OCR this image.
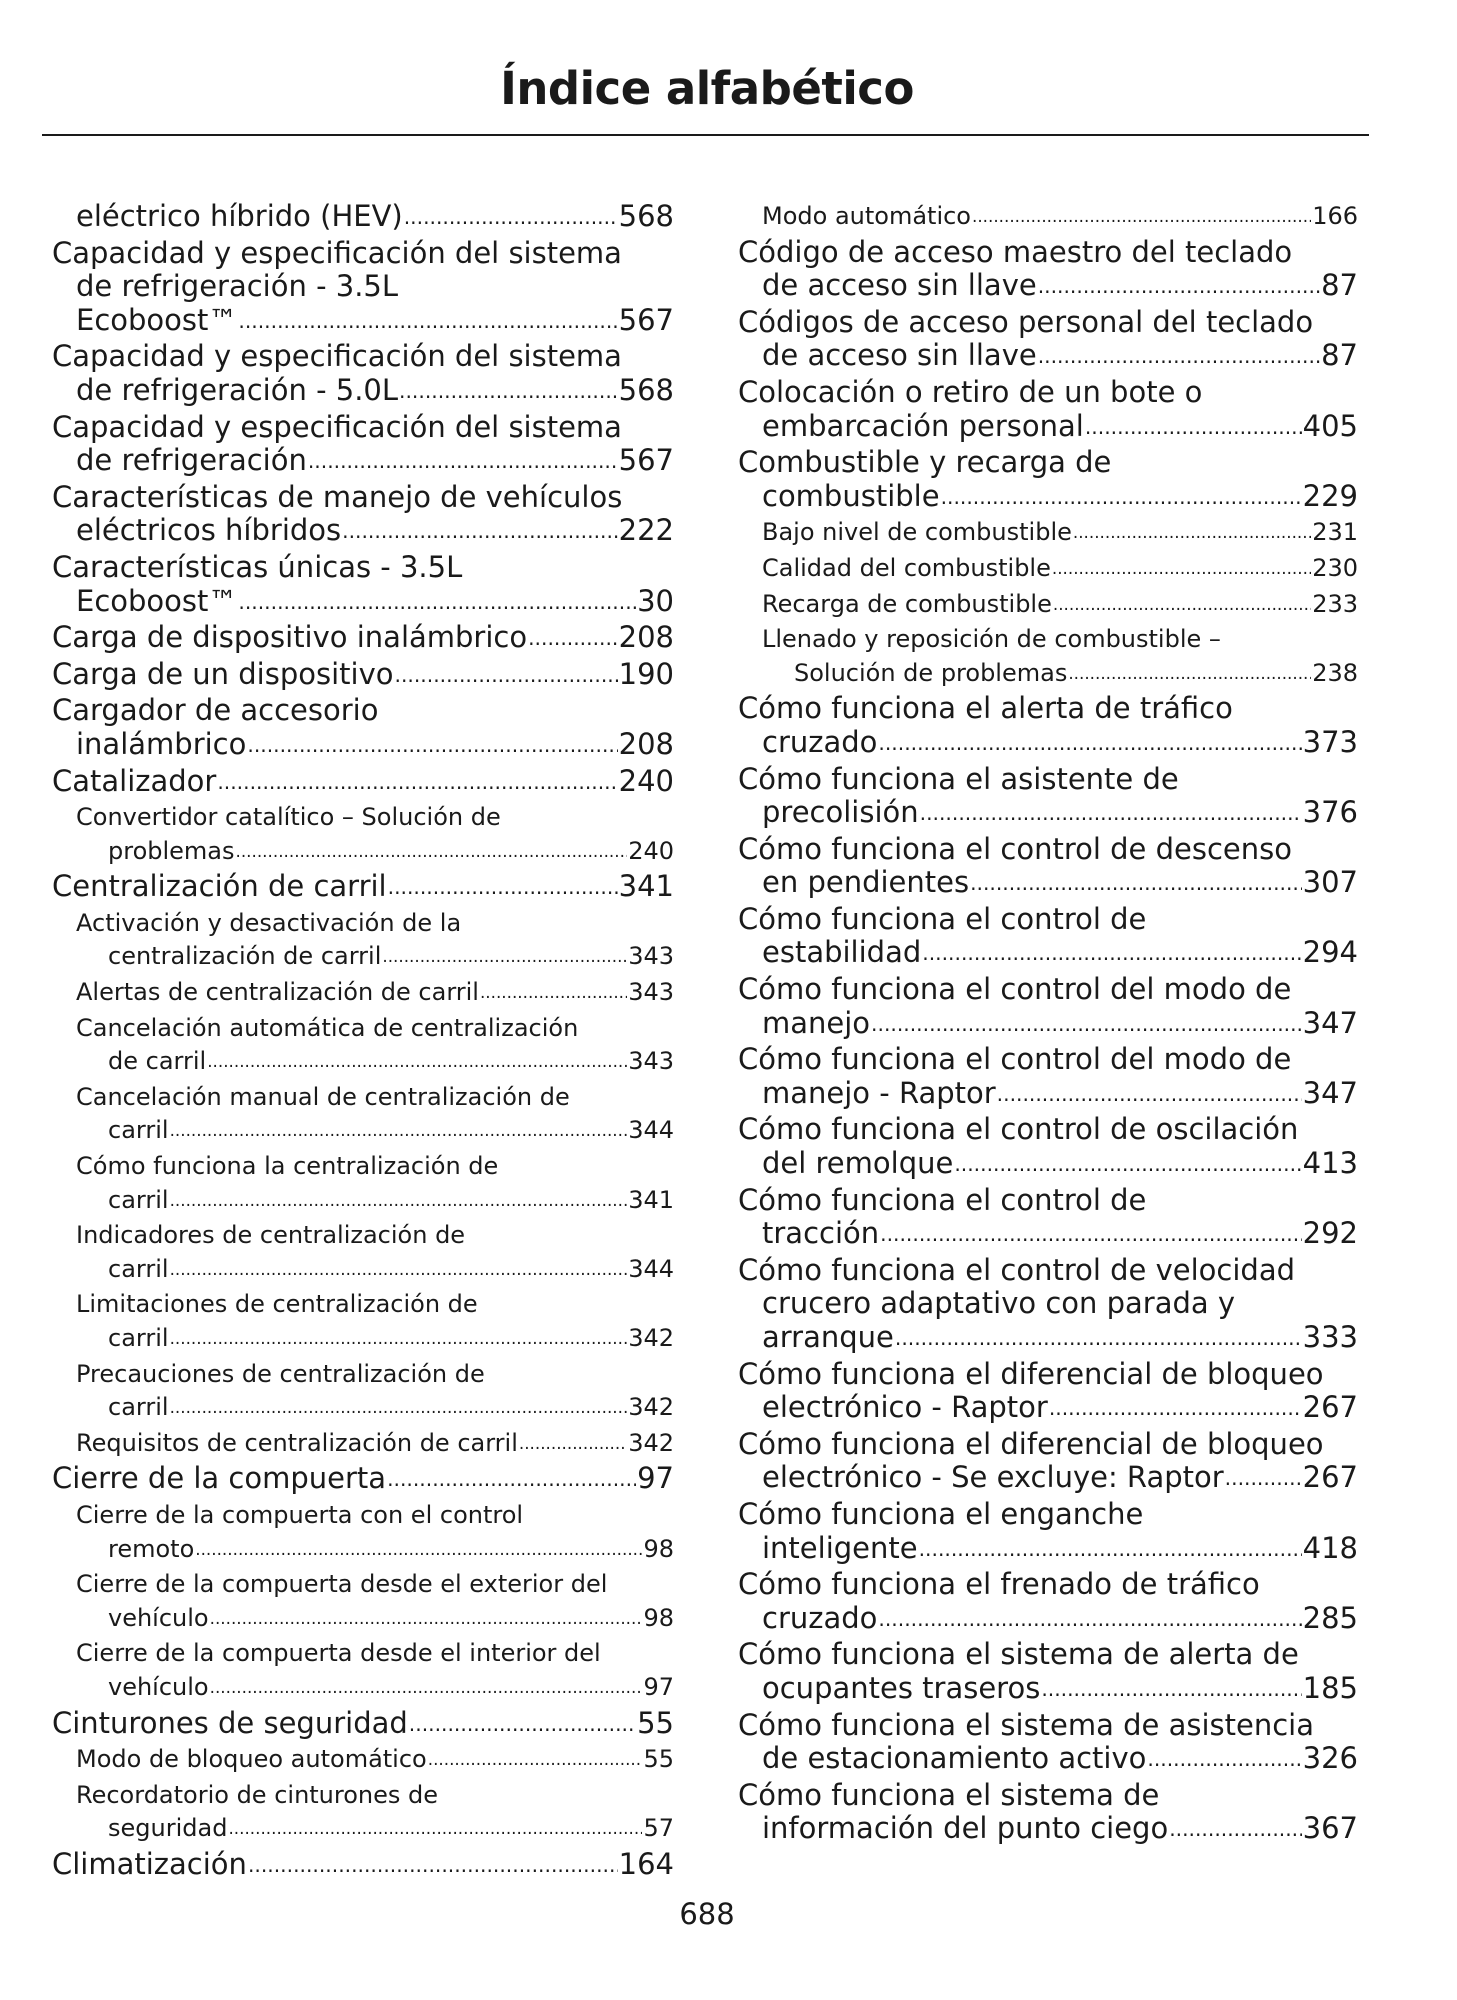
Índice alfabético
eléctrico híbrido (HEV) .....	568
Capacidad y especificación del sistema
de refrigeración - 3.5L
Ecoboost™ .....	567
Capacidad y especificación del sistema
de refrigeración - 5.0L .....	568
Capacidad y especificación del sistema
de refrigeración .....	567
Características de manejo de vehículos
eléctricos híbridos .....	222
Características únicas - 3.5L
Ecoboost™ .....	30
Carga de dispositivo inalámbrico .....	208
Carga de un dispositivo .....	190
Cargador de accesorio
inalámbrico .....	208
Catalizador .....	240
Convertidor catalítico – Solución de
problemas .....	240
Centralización de carril .....	341
Activación y desactivación de la
centralización de carril .....	343
Alertas de centralización de carril .....	343
Cancelación automática de centralización
de carril .....	343
Cancelación manual de centralización de
carril .....	344
Cómo funciona la centralización de
carril .....	341
Indicadores de centralización de
carril .....	344
Limitaciones de centralización de
carril .....	342
Precauciones de centralización de
carril .....	342
Requisitos de centralización de carril .....	342
Cierre de la compuerta .....	97
Cierre de la compuerta con el control
remoto .....	98
Cierre de la compuerta desde el exterior del
vehículo .....	98
Cierre de la compuerta desde el interior del
vehículo .....	97
Cinturones de seguridad .....	55
Modo de bloqueo automático .....	55
Recordatorio de cinturones de
seguridad .....	57
Climatización .....	164
Modo automático .....	166
Código de acceso maestro del teclado
de acceso sin llave .....	87
Códigos de acceso personal del teclado
de acceso sin llave .....	87
Colocación o retiro de un bote o
embarcación personal .....	405
Combustible y recarga de
combustible .....	229
Bajo nivel de combustible .....	231
Calidad del combustible .....	230
Recarga de combustible .....	233
Llenado y reposición de combustible –
Solución de problemas .....	238
Cómo funciona el alerta de tráfico
cruzado .....	373
Cómo funciona el asistente de
precolisión .....	376
Cómo funciona el control de descenso
en pendientes .....	307
Cómo funciona el control de
estabilidad .....	294
Cómo funciona el control del modo de
manejo .....	347
Cómo funciona el control del modo de
manejo - Raptor .....	347
Cómo funciona el control de oscilación
del remolque .....	413
Cómo funciona el control de
tracción .....	292
Cómo funciona el control de velocidad
crucero adaptativo con parada y
arranque .....	333
Cómo funciona el diferencial de bloqueo
electrónico - Raptor .....	267
Cómo funciona el diferencial de bloqueo
electrónico - Se excluye: Raptor .....	267
Cómo funciona el enganche
inteligente .....	418
Cómo funciona el frenado de tráfico
cruzado .....	285
Cómo funciona el sistema de alerta de
ocupantes traseros .....	185
Cómo funciona el sistema de asistencia
de estacionamiento activo .....	326
Cómo funciona el sistema de
información del punto ciego .....	367
688
